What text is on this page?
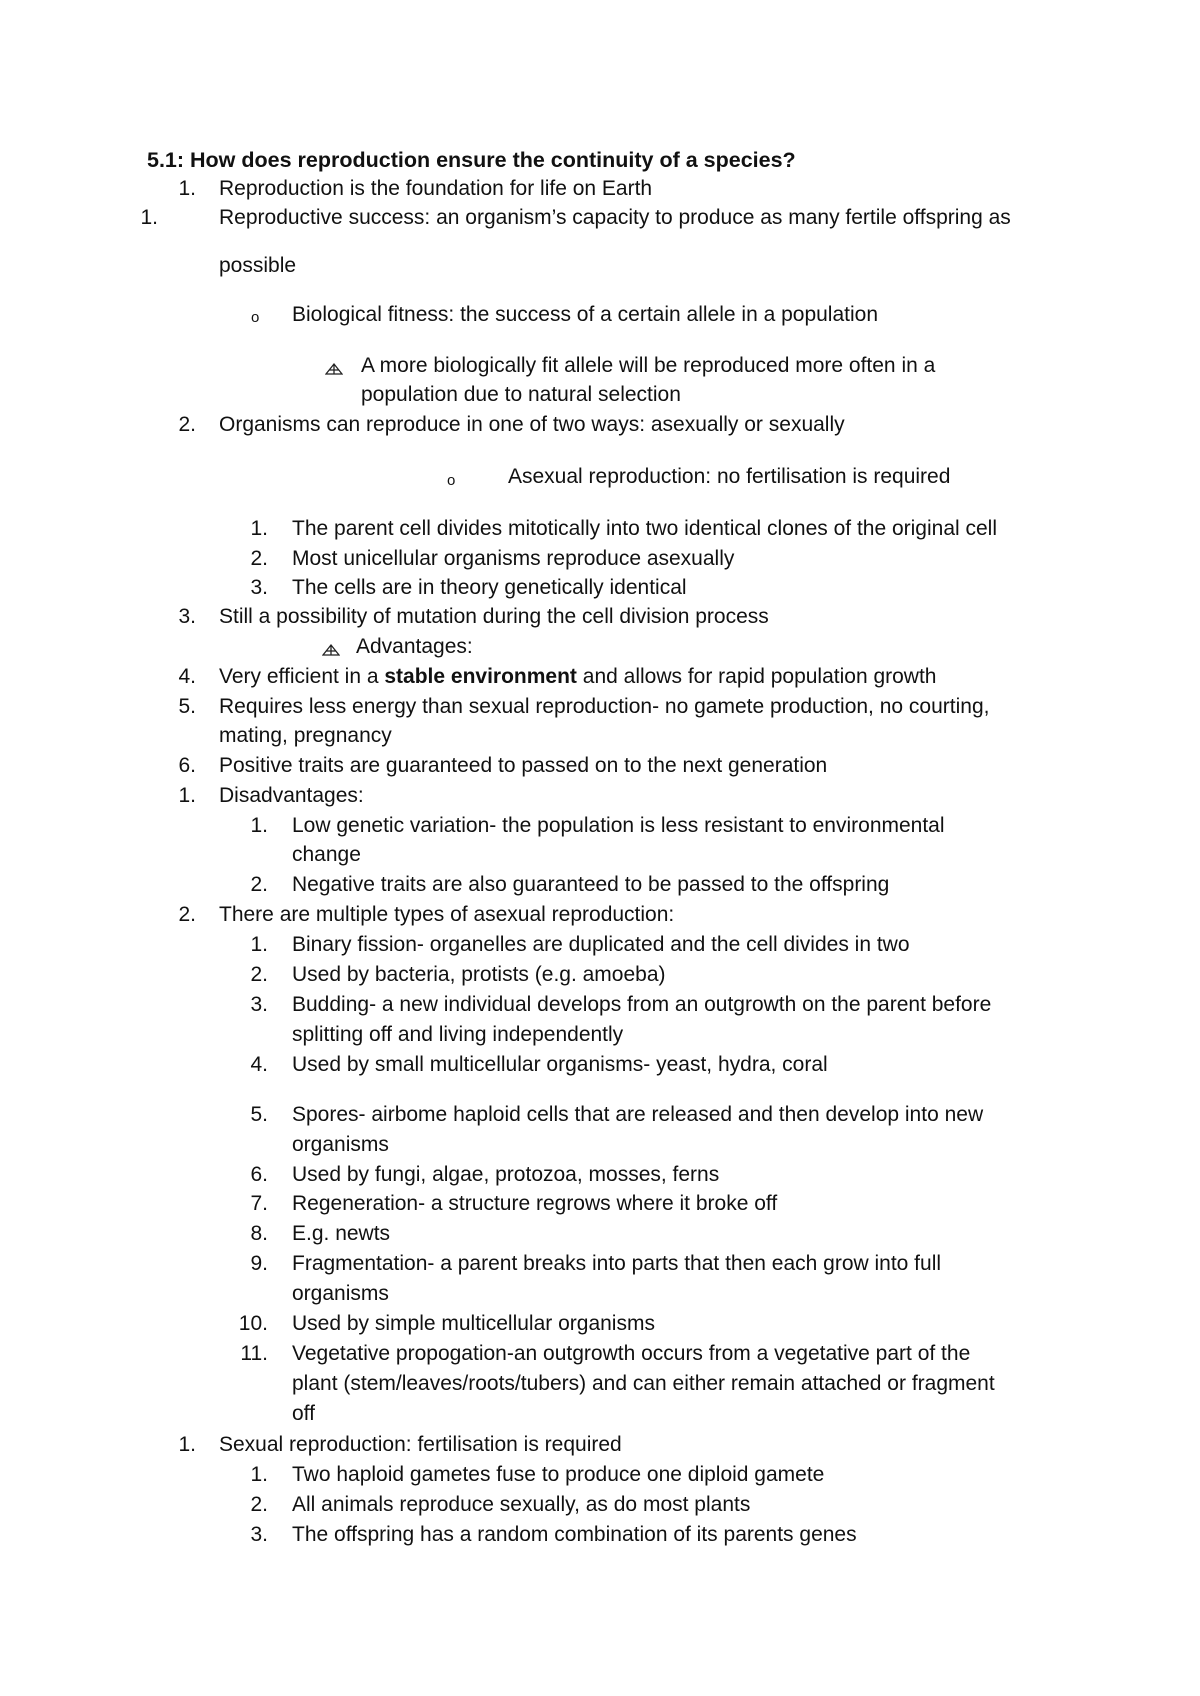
5.1: How does reproduction ensure the continuity of a species?
1. Reproduction is the foundation for life on Earth
1.	Reproductive success: an organism’s capacity to produce as many fertile offspring as
possible
o Biological fitness: the success of a certain allele in a population
A more biologically fit allele will be reproduced more often in a
population due to natural selection
2. Organisms can reproduce in one of two ways: asexually or sexually
o	Asexual reproduction: no fertilisation is required
1. The parent cell divides mitotically into two identical clones of the original cell
2. Most unicellular organisms reproduce asexually
3. The cells are in theory genetically identical
3. Still a possibility of mutation during the cell division process
Advantages:
4. Very efficient in a stable environment and allows for rapid population growth
5. Requires less energy than sexual reproduction- no gamete production, no courting,
mating, pregnancy
6. Positive traits are guaranteed to passed on to the next generation
1. Disadvantages:
1. Low genetic variation- the population is less resistant to environmental
change
2. Negative traits are also guaranteed to be passed to the offspring
2. There are multiple types of asexual reproduction:
1. Binary fission- organelles are duplicated and the cell divides in two
2. Used by bacteria, protists (e.g. amoeba)
3. Budding- a new individual develops from an outgrowth on the parent before
splitting off and living independently
4. Used by small multicellular organisms- yeast, hydra, coral
5. Spores- airbome haploid cells that are released and then develop into new
organisms
6. Used by fungi, algae, protozoa, mosses, ferns
7. Regeneration- a structure regrows where it broke off
8. E.g. newts
9. Fragmentation- a parent breaks into parts that then each grow into full
organisms
10. Used by simple multicellular organisms
11. Vegetative propogation-an outgrowth occurs from a vegetative part of the
plant (stem/leaves/roots/tubers) and can either remain attached or fragment
off
1. Sexual reproduction: fertilisation is required
1. Two haploid gametes fuse to produce one diploid gamete
2. All animals reproduce sexually, as do most plants
3. The offspring has a random combination of its parents genes
